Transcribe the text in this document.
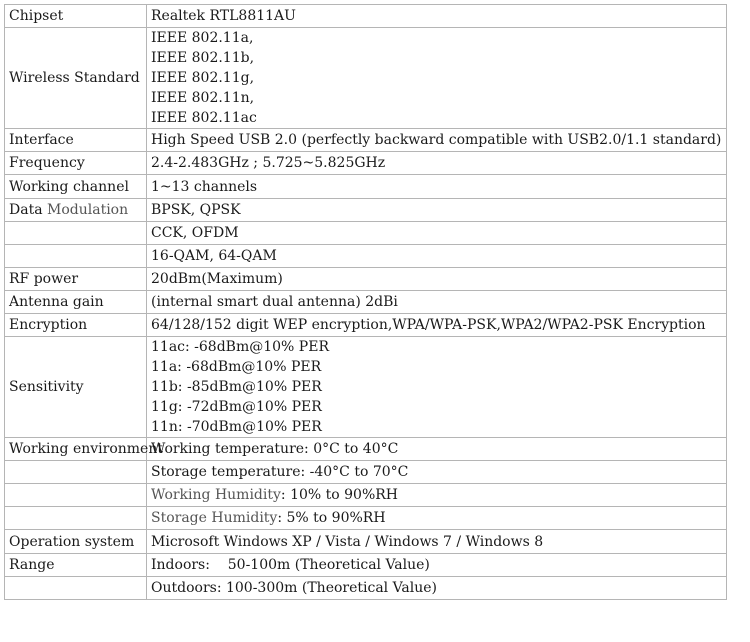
Chipset	Realtek RTL8811AU
Wireless Standard	IEEE 802.11a,
IEEE 802.11b,
IEEE 802.11g,
IEEE 802.11n,
IEEE 802.11ac

Interface	High Speed USB 2.0 (perfectly backward compatible with USB2.0/1.1 standard)
Frequency	2.4-2.483GHz ; 5.725~5.825GHz
Working channel	1~13 channels
Data Modulation	BPSK, QPSK
	CCK, OFDM
	16-QAM, 64-QAM
RF power	20dBm(Maximum)
Antenna gain	(internal smart dual antenna) 2dBi
Encryption	64/128/152 digit WEP encryption,WPA/WPA-PSK,WPA2/WPA2-PSK Encryption
Sensitivity	11ac: -68dBm@10% PER
11a: -68dBm@10% PER
11b: -85dBm@10% PER
11g: -72dBm@10% PER
11n: -70dBm@10% PER

Working environment	Working temperature: 0°C to 40°C
	Storage temperature: -40°C to 70°C
	Working Humidity: 10% to 90%RH
	Storage Humidity: 5% to 90%RH
Operation system	Microsoft Windows XP / Vista / Windows 7 / Windows 8
Range	Indoors:    50-100m (Theoretical Value)
	Outdoors: 100-300m (Theoretical Value)
